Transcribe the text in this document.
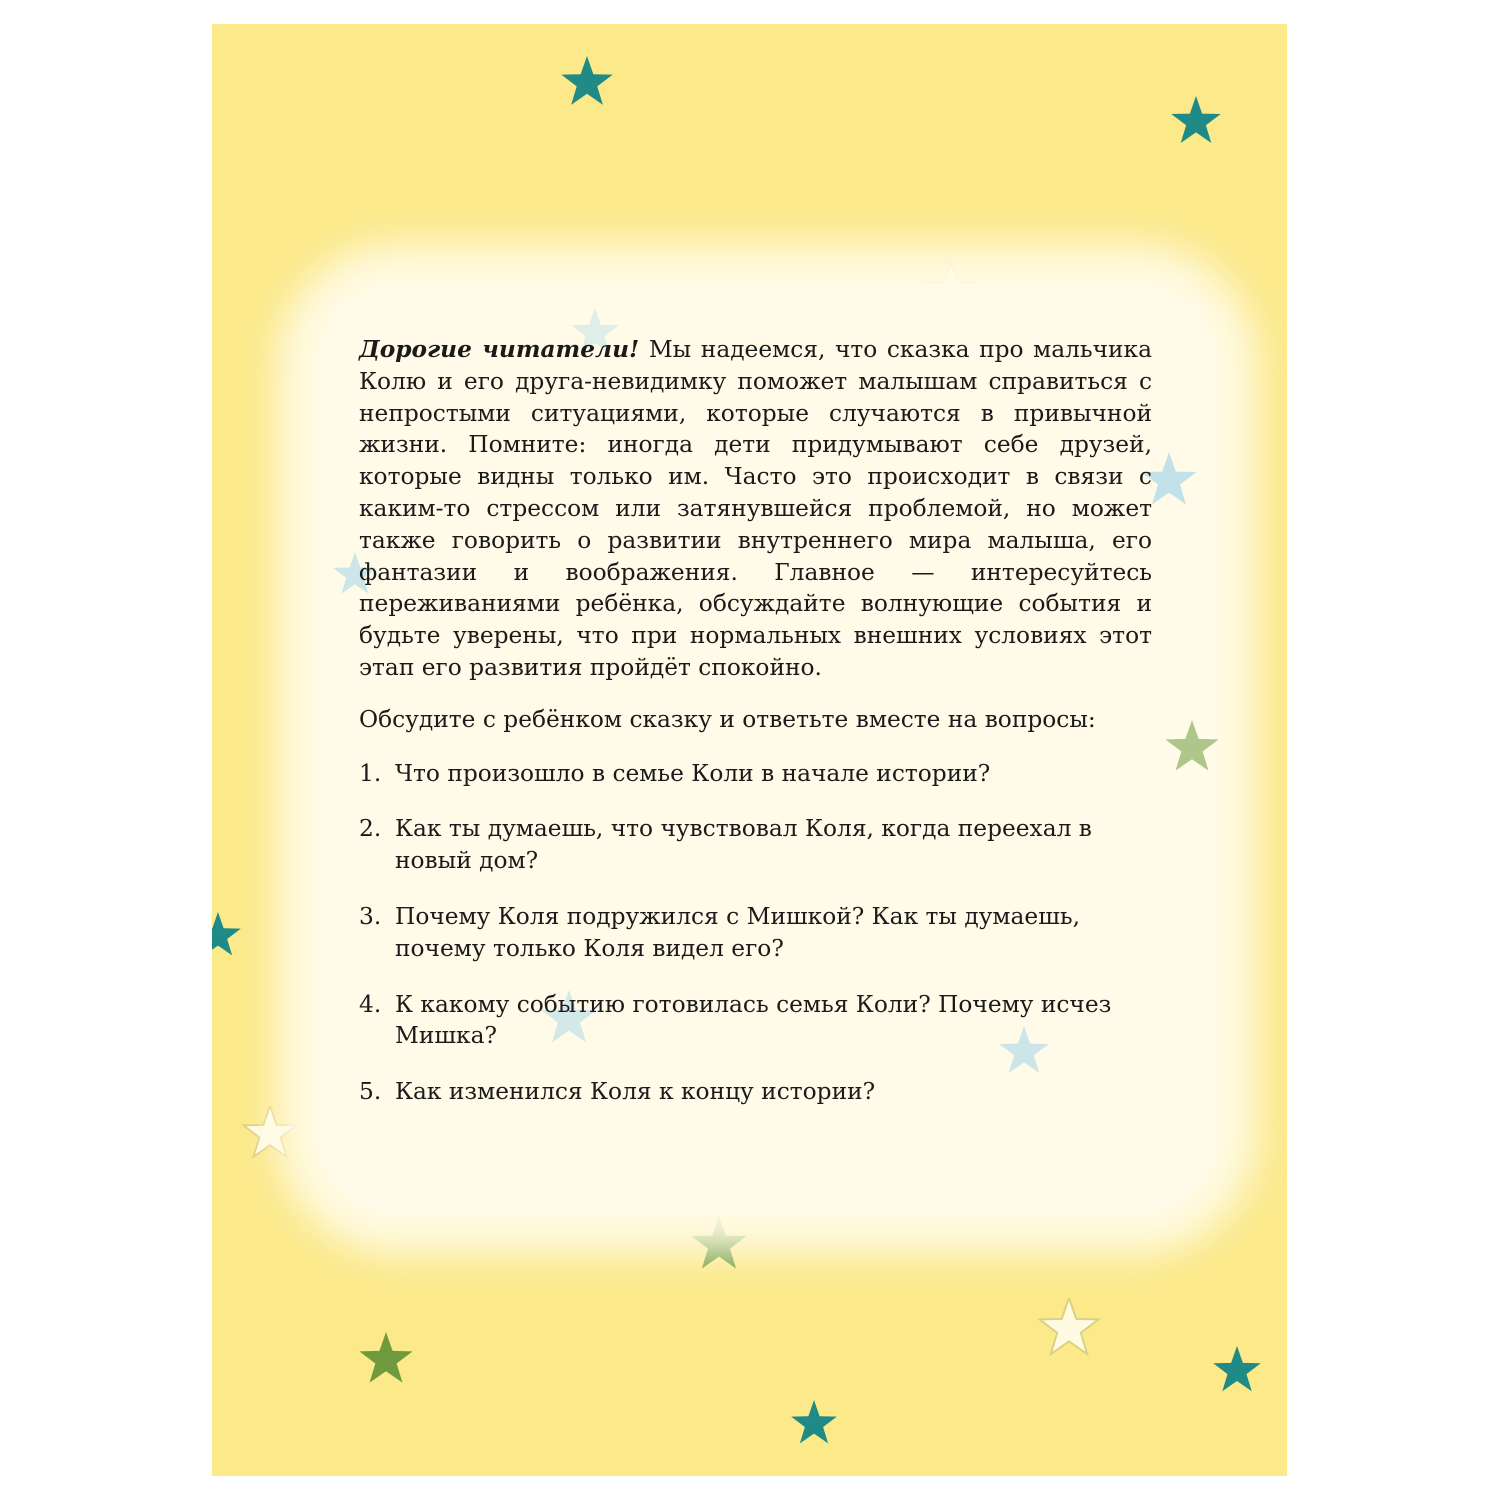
Дорогие читатели! Мы надеемся, что сказка про мальчика Колю и его друга-невидимку поможет малышам справиться с непростыми ситуациями, которые случаются в привычной жизни. Помните: иногда дети придумывают себе друзей, которые видны только им. Часто это происходит в связи с каким-то стрессом или затянувшейся проблемой, но может также говорить о развитии внутреннего мира малыша, его фантазии и воображения. Главное — интересуйтесь переживаниями ребёнка, обсуждайте волнующие события и будьте уверены, что при нормальных внешних условиях этот этап его развития пройдёт спокойно.

Обсудите с ребёнком сказку и ответьте вместе на вопросы:

1. Что произошло в семье Коли в начале истории?
2. Как ты думаешь, что чувствовал Коля, когда переехал в новый дом?
3. Почему Коля подружился с Мишкой? Как ты думаешь, почему только Коля видел его?
4. К какому событию готовилась семья Коли? Почему исчез Мишка?
5. Как изменился Коля к концу истории?
